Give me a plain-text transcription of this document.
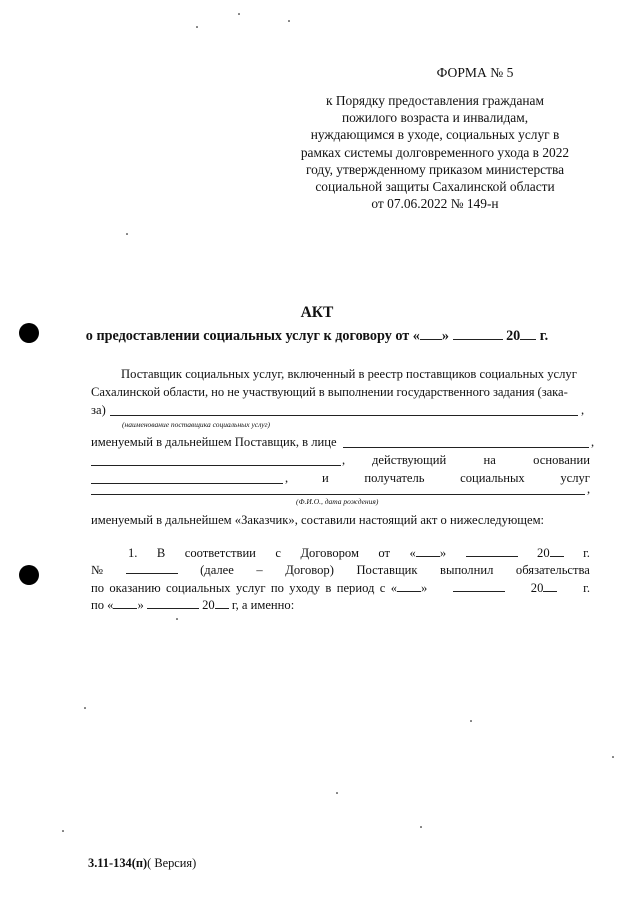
ФОРМА № 5
к Порядку предоставления гражданам
пожилого возраста и инвалидам,
нуждающимся в уходе, социальных услуг в
рамках системы долговременного ухода в 2022
году, утвержденному приказом министерства
социальной защиты Сахалинской области
от 07.06.2022 № 149-н
АКТ
о предоставлении социальных услуг к договору от « »	20 г.
Поставщик социальных услуг, включенный в реестр поставщиков социальных услуг
Сахалинской области, но не участвующий в выполнении государственного задания (зака-
за)	,
(наименование поставщика социальных услуг)
именуемый в дальнейшем Поставщик, в лице	,
, действующий	на	основании
,	и	получатель	социальных	услуг
,
(Ф.И.О., дата рождения)
именуемый в дальнейшем «Заказчик», составили настоящий акт о нижеследующем:
1. В соответствии с Договором от « »	20	г.
№	(далее – Договор) Поставщик выполнил обязательства
по оказанию социальных услуг по уходу в период с « »	20	г.
по « »	20 г, а именно:
3.11-134(п)( Версия)
